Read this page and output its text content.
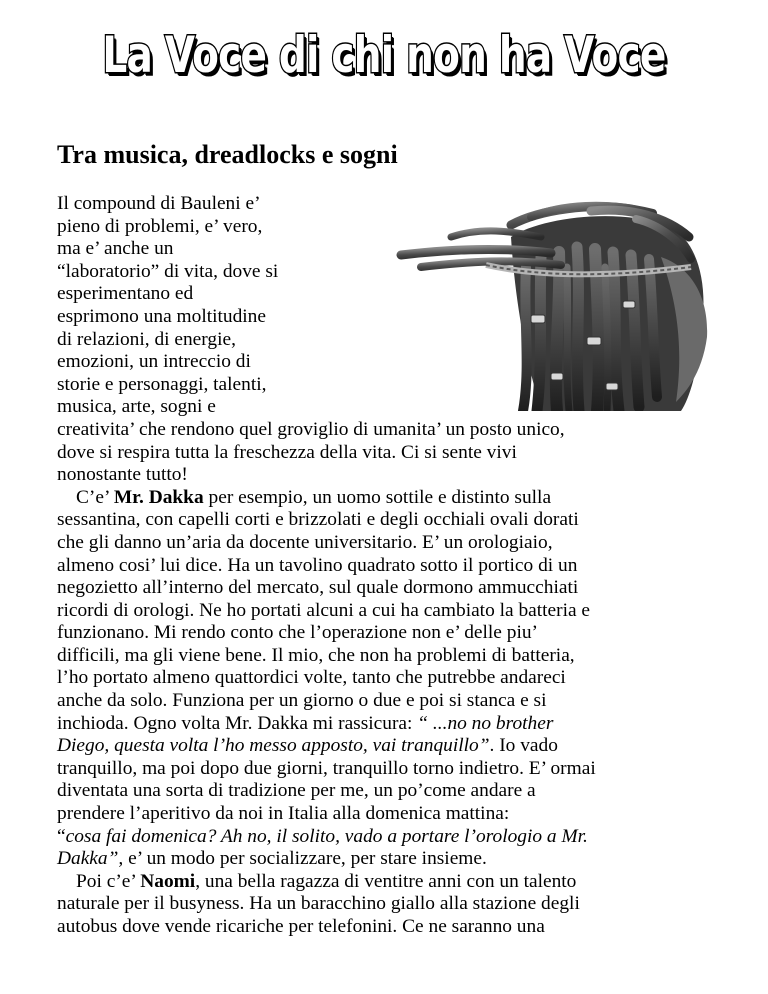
La Voce di chi non ha Voce
Tra musica, dreadlocks e sogni
Il compound di Bauleni e’
pieno di problemi, e’ vero,
ma e’ anche un
“laboratorio” di vita, dove si
esperimentano ed
esprimono una moltitudine
di relazioni, di energie,
emozioni, un intreccio di
storie e personaggi, talenti,
musica, arte, sogni e
creativita’ che rendono quel groviglio di umanita’ un posto unico,
dove si respira tutta la freschezza della vita. Ci si sente vivi
nonostante tutto!
C’e’ Mr. Dakka per esempio, un uomo sottile e distinto sulla
sessantina, con capelli corti e brizzolati e degli occhiali ovali dorati
che gli danno un’aria da docente universitario. E’ un orologiaio,
almeno cosi’ lui dice. Ha un tavolino quadrato sotto il portico di un
negozietto all’interno del mercato, sul quale dormono ammucchiati
ricordi di orologi. Ne ho portati alcuni a cui ha cambiato la batteria e
funzionano. Mi rendo conto che l’operazione non e’ delle piu’
difficili, ma gli viene bene. Il mio, che non ha problemi di batteria,
l’ho portato almeno quattordici volte, tanto che putrebbe andareci
anche da solo. Funziona per un giorno o due e poi si stanca e si
inchioda. Ogno volta Mr. Dakka mi rassicura: “ ...no no brother
Diego, questa volta l’ho messo apposto, vai tranquillo”. Io vado
tranquillo, ma poi dopo due giorni, tranquillo torno indietro. E’ ormai
diventata una sorta di tradizione per me, un po’come andare a
prendere l’aperitivo da noi in Italia alla domenica mattina:
“cosa fai domenica? Ah no, il solito, vado a portare l’orologio a Mr.
Dakka”, e’ un modo per socializzare, per stare insieme.
Poi c’e’ Naomi, una bella ragazza di ventitre anni con un talento
naturale per il busyness. Ha un baracchino giallo alla stazione degli
autobus dove vende ricariche per telefonini. Ce ne saranno una
